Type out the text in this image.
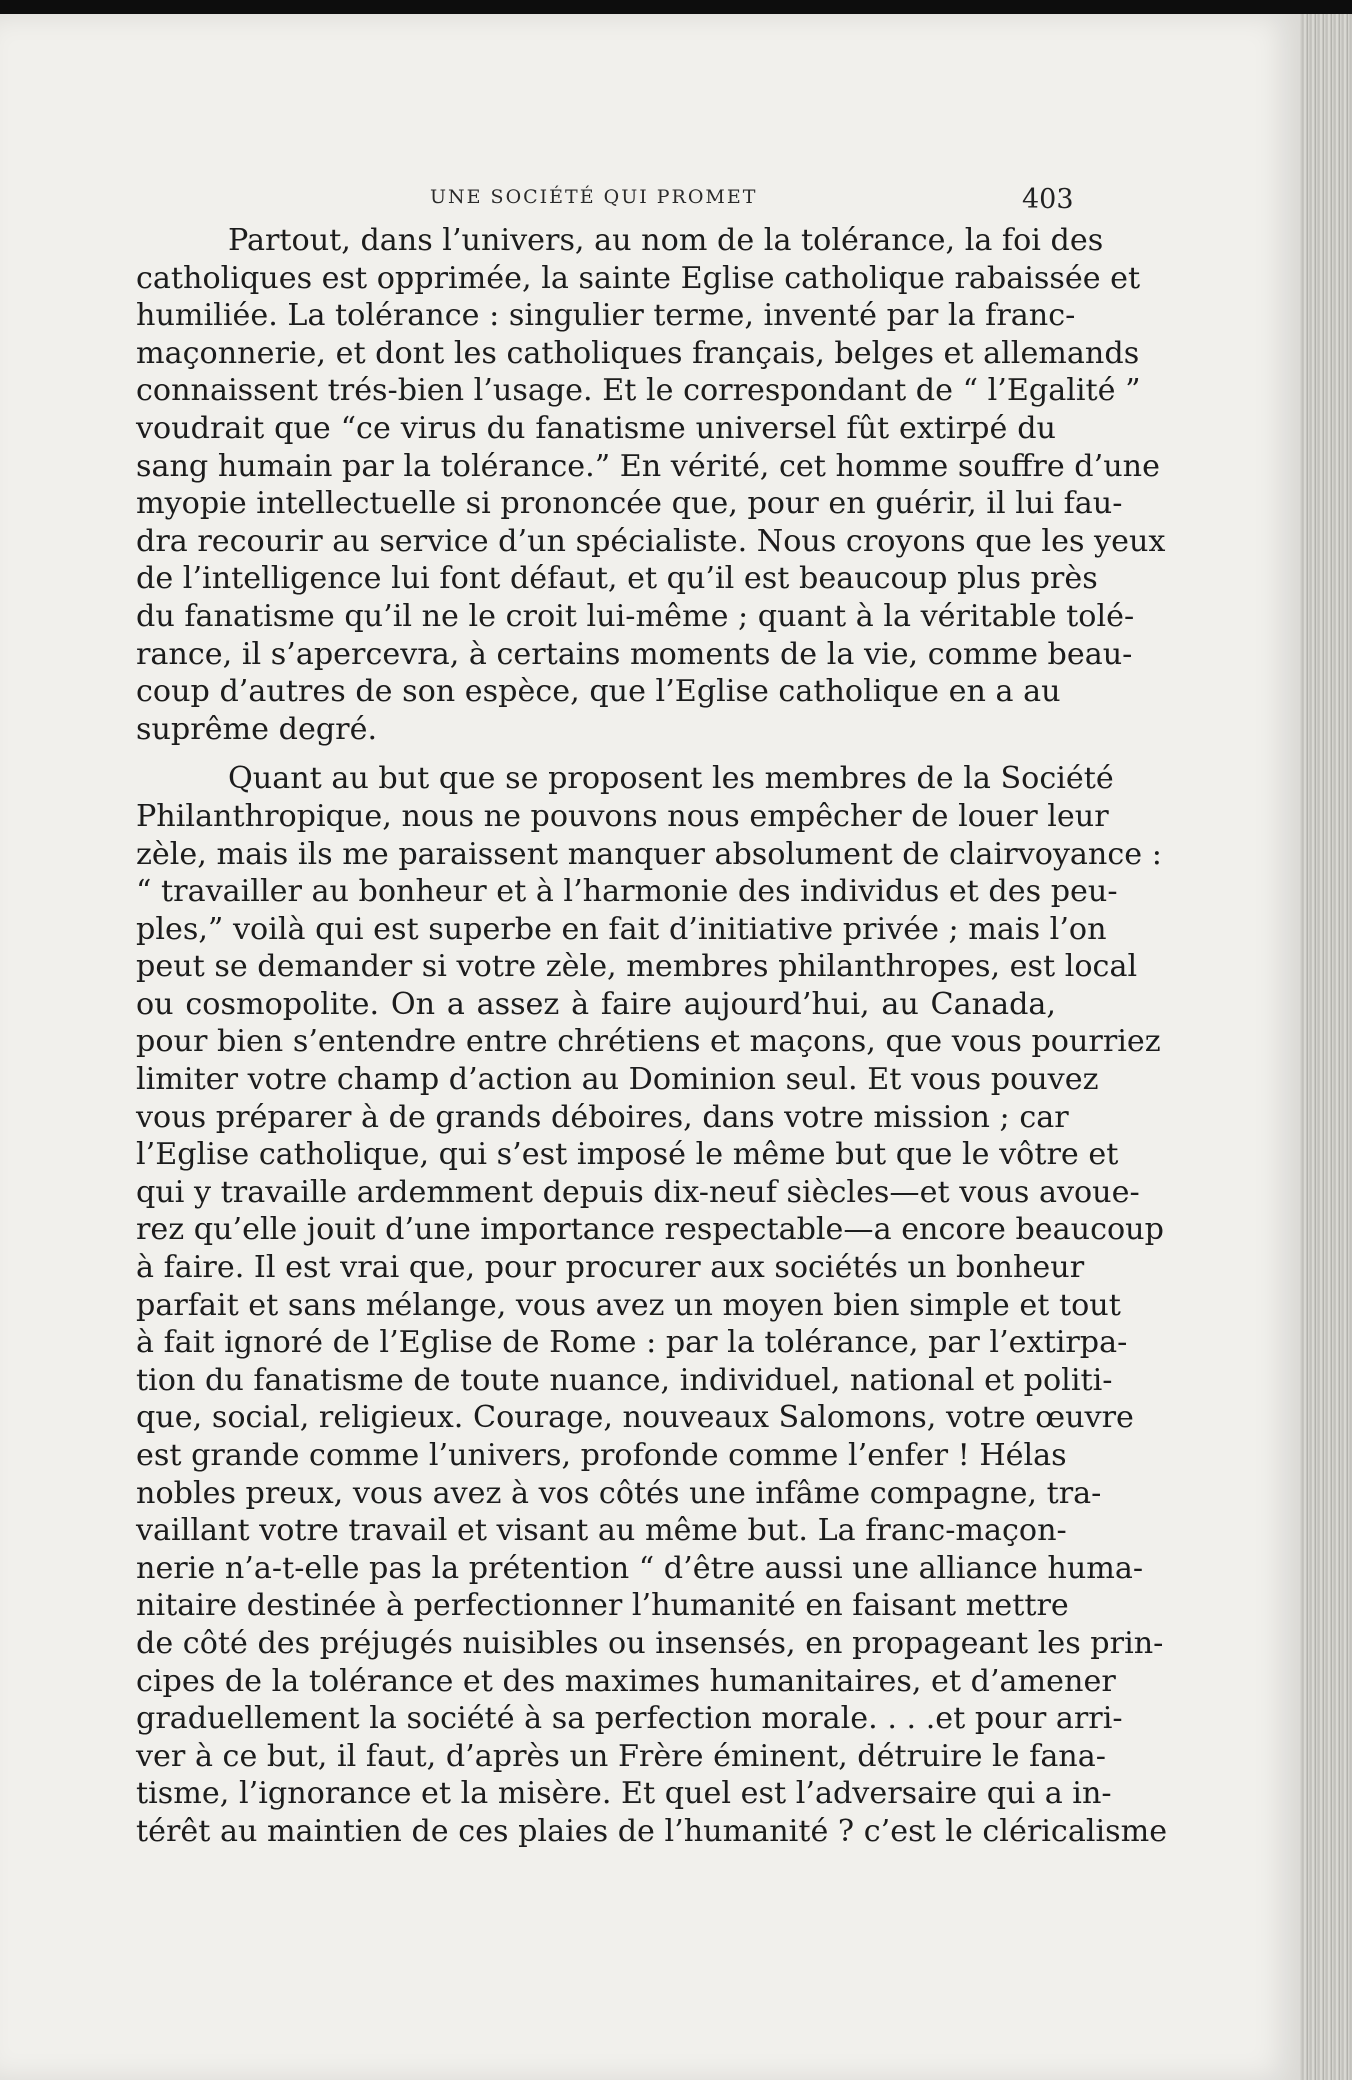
UNE SOCIÉTÉ QUI PROMET	403
Partout, dans l’univers, au nom de la tolérance, la foi des
catholiques est opprimée, la sainte Eglise catholique rabaissée et
humiliée. La tolérance : singulier terme, inventé par la franc-
maçonnerie, et dont les catholiques français, belges et allemands
connaissent trés-bien l’usage. Et le correspondant de “ l’Egalité ”
voudrait que “ce virus du fanatisme universel fût extirpé du
sang humain par la tolérance.” En vérité, cet homme souffre d’une
myopie intellectuelle si prononcée que, pour en guérir, il lui fau-
dra recourir au service d’un spécialiste. Nous croyons que les yeux
de l’intelligence lui font défaut, et qu’il est beaucoup plus près
du fanatisme qu’il ne le croit lui-même ; quant à la véritable tolé-
rance, il s’apercevra, à certains moments de la vie, comme beau-
coup d’autres de son espèce, que l’Eglise catholique en a au
suprême degré.
Quant au but que se proposent les membres de la Société
Philanthropique, nous ne pouvons nous empêcher de louer leur
zèle, mais ils me paraissent manquer absolument de clairvoyance :
“ travailler au bonheur et à l’harmonie des individus et des peu-
ples,” voilà qui est superbe en fait d’initiative privée ; mais l’on
peut se demander si votre zèle, membres philanthropes, est local
ou cosmopolite. On a assez à faire aujourd’hui, au Canada,
pour bien s’entendre entre chrétiens et maçons, que vous pourriez
limiter votre champ d’action au Dominion seul. Et vous pouvez
vous préparer à de grands déboires, dans votre mission ; car
l’Eglise catholique, qui s’est imposé le même but que le vôtre et
qui y travaille ardemment depuis dix-neuf siècles—et vous avoue-
rez qu’elle jouit d’une importance respectable—a encore beaucoup
à faire. Il est vrai que, pour procurer aux sociétés un bonheur
parfait et sans mélange, vous avez un moyen bien simple et tout
à fait ignoré de l’Eglise de Rome : par la tolérance, par l’extirpa-
tion du fanatisme de toute nuance, individuel, national et politi-
que, social, religieux. Courage, nouveaux Salomons, votre œuvre
est grande comme l’univers, profonde comme l’enfer ! Hélas
nobles preux, vous avez à vos côtés une infâme compagne, tra-
vaillant votre travail et visant au même but. La franc-maçon-
nerie n’a-t-elle pas la prétention “ d’être aussi une alliance huma-
nitaire destinée à perfectionner l’humanité en faisant mettre
de côté des préjugés nuisibles ou insensés, en propageant les prin-
cipes de la tolérance et des maximes humanitaires, et d’amener
graduellement la société à sa perfection morale. . . .et pour arri-
ver à ce but, il faut, d’après un Frère éminent, détruire le fana-
tisme, l’ignorance et la misère. Et quel est l’adversaire qui a in-
térêt au maintien de ces plaies de l’humanité ? c’est le cléricalisme
